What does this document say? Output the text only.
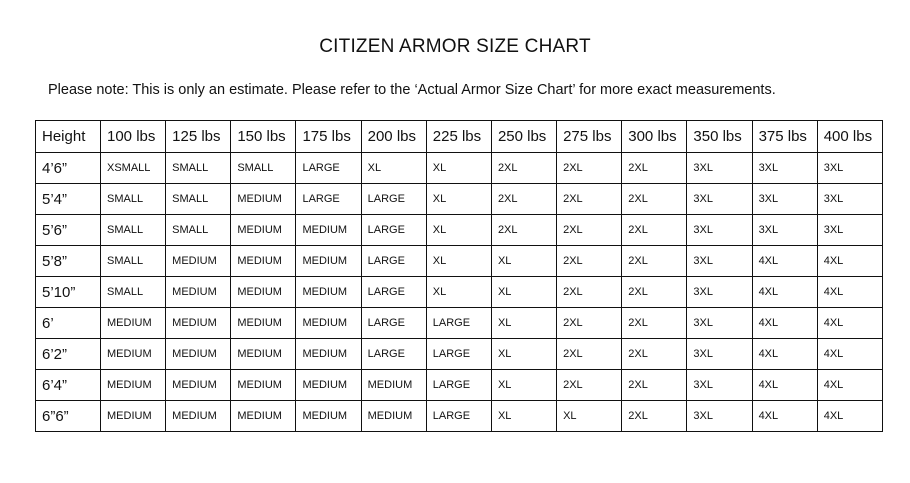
CITIZEN ARMOR SIZE CHART
Please note: This is only an estimate. Please refer to the ‘Actual Armor Size Chart’ for more exact measurements.
Height	100 lbs	125 lbs	150 lbs	175 lbs	200 lbs	225 lbs	250 lbs	275 lbs	300 lbs	350 lbs	375 lbs	400 lbs
4’6”	XSMALL	SMALL	SMALL	LARGE	XL	XL	2XL	2XL	2XL	3XL	3XL	3XL
5’4”	SMALL	SMALL	MEDIUM	LARGE	LARGE	XL	2XL	2XL	2XL	3XL	3XL	3XL
5’6”	SMALL	SMALL	MEDIUM	MEDIUM	LARGE	XL	2XL	2XL	2XL	3XL	3XL	3XL
5’8”	SMALL	MEDIUM	MEDIUM	MEDIUM	LARGE	XL	XL	2XL	2XL	3XL	4XL	4XL
5’10”	SMALL	MEDIUM	MEDIUM	MEDIUM	LARGE	XL	XL	2XL	2XL	3XL	4XL	4XL
6’	MEDIUM	MEDIUM	MEDIUM	MEDIUM	LARGE	LARGE	XL	2XL	2XL	3XL	4XL	4XL
6’2”	MEDIUM	MEDIUM	MEDIUM	MEDIUM	LARGE	LARGE	XL	2XL	2XL	3XL	4XL	4XL
6’4”	MEDIUM	MEDIUM	MEDIUM	MEDIUM	MEDIUM	LARGE	XL	2XL	2XL	3XL	4XL	4XL
6”6”	MEDIUM	MEDIUM	MEDIUM	MEDIUM	MEDIUM	LARGE	XL	XL	2XL	3XL	4XL	4XL
